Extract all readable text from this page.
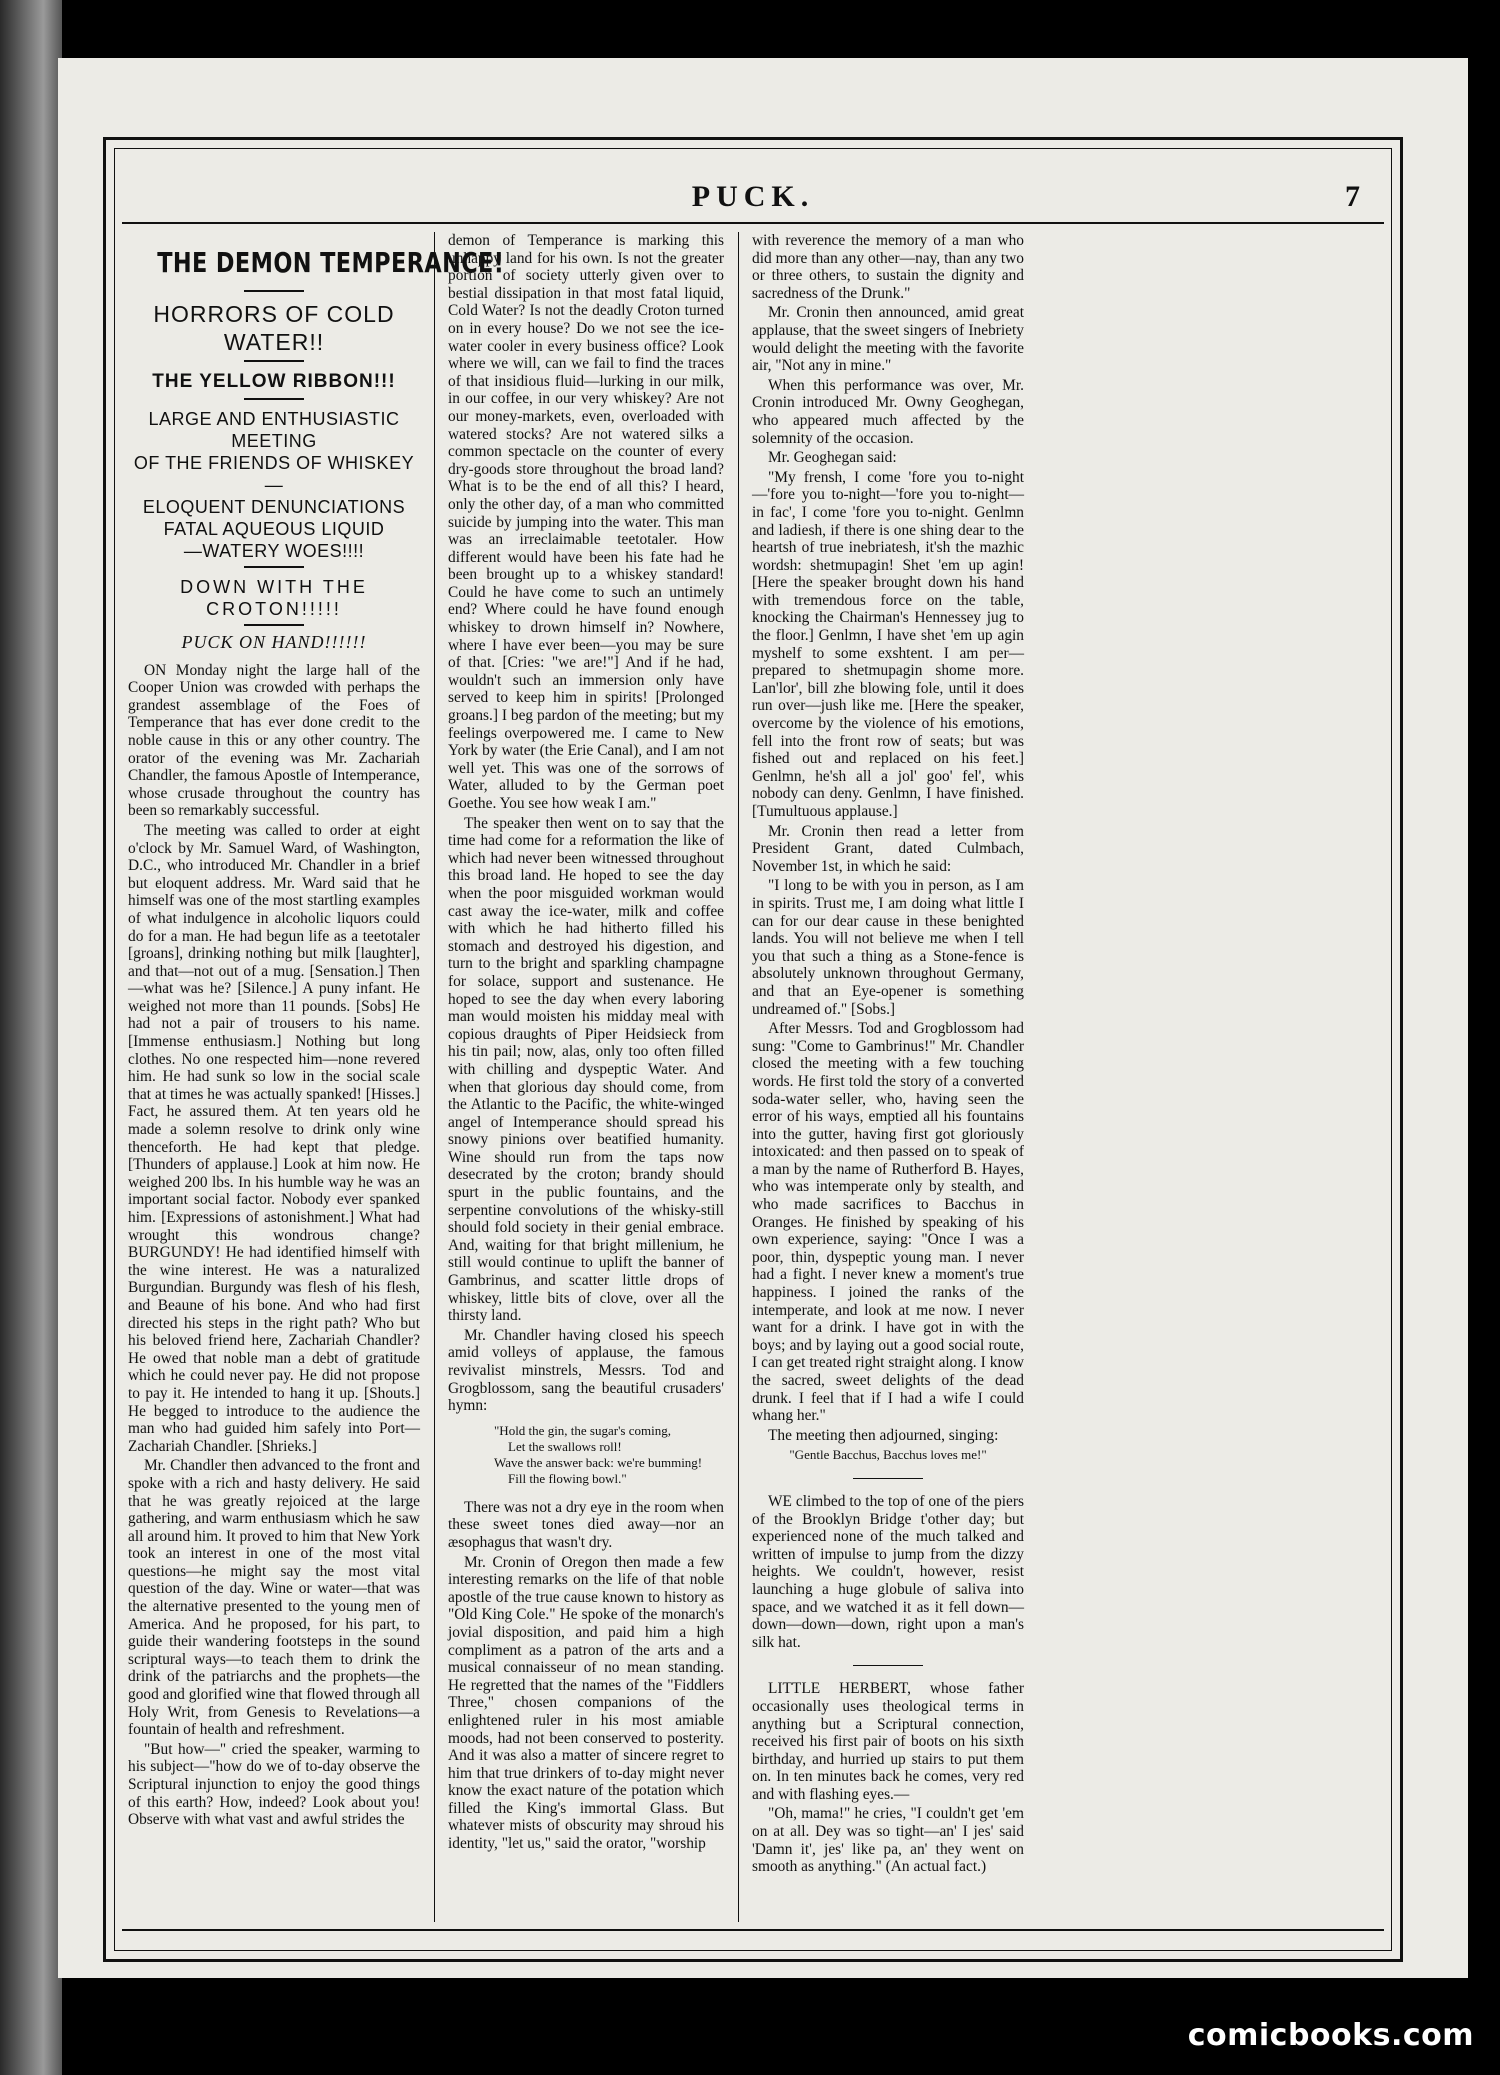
PUCK.	7
THE DEMON TEMPERANCE!
HORRORS OF COLD WATER!!
THE YELLOW RIBBON!!!
LARGE AND ENTHUSIASTIC MEETING
OF THE FRIENDS OF WHISKEY—
ELOQUENT DENUNCIATIONS
FATAL AQUEOUS LIQUID
—WATERY WOES!!!!
DOWN WITH THE CROTON!!!!!
PUCK ON HAND!!!!!!

ON Monday night the large hall of the Cooper Union was crowded with perhaps the grandest assemblage of the Foes of Temperance that has ever done credit to the noble cause in this or any other country. The orator of the evening was Mr. Zachariah Chandler, the famous Apostle of Intemperance, whose crusade throughout the country has been so remarkably successful.

The meeting was called to order at eight o'clock by Mr. Samuel Ward, of Washington, D.C., who introduced Mr. Chandler in a brief but eloquent address. Mr. Ward said that he himself was one of the most startling examples of what indulgence in alcoholic liquors could do for a man. He had begun life as a teetotaler [groans], drinking nothing but milk [laughter], and that—not out of a mug. [Sensation.] Then—what was he? [Silence.] A puny infant. He weighed not more than 11 pounds. [Sobs] He had not a pair of trousers to his name. [Immense enthusiasm.] Nothing but long clothes. No one respected him—none revered him. He had sunk so low in the social scale that at times he was actually spanked! [Hisses.] Fact, he assured them. At ten years old he made a solemn resolve to drink only wine thenceforth. He had kept that pledge. [Thunders of applause.] Look at him now. He weighed 200 lbs. In his humble way he was an important social factor. Nobody ever spanked him. [Expressions of astonishment.] What had wrought this wondrous change? BURGUNDY! He had identified himself with the wine interest. He was a naturalized Burgundian. Burgundy was flesh of his flesh, and Beaune of his bone. And who had first directed his steps in the right path? Who but his beloved friend here, Zachariah Chandler? He owed that noble man a debt of gratitude which he could never pay. He did not propose to pay it. He intended to hang it up. [Shouts.] He begged to introduce to the audience the man who had guided him safely into Port—Zachariah Chandler. [Shrieks.]

Mr. Chandler then advanced to the front and spoke with a rich and hasty delivery. He said that he was greatly rejoiced at the large gathering, and warm enthusiasm which he saw all around him. It proved to him that New York took an interest in one of the most vital questions—he might say the most vital question of the day. Wine or water—that was the alternative presented to the young men of America. And he proposed, for his part, to guide their wandering footsteps in the sound scriptural ways—to teach them to drink the drink of the patriarchs and the prophets—the good and glorified wine that flowed through all Holy Writ, from Genesis to Revelations—a fountain of health and refreshment.

"But how—" cried the speaker, warming to his subject—"how do we of to-day observe the Scriptural injunction to enjoy the good things of this earth? How, indeed? Look about you! Observe with what vast and awful strides the

demon of Temperance is marking this unhappy land for his own. Is not the greater portion of society utterly given over to bestial dissipation in that most fatal liquid, Cold Water? Is not the deadly Croton turned on in every house? Do we not see the ice-water cooler in every business office? Look where we will, can we fail to find the traces of that insidious fluid—lurking in our milk, in our coffee, in our very whiskey? Are not our money-markets, even, overloaded with watered stocks? Are not watered silks a common spectacle on the counter of every dry-goods store throughout the broad land? What is to be the end of all this? I heard, only the other day, of a man who committed suicide by jumping into the water. This man was an irreclaimable teetotaler. How different would have been his fate had he been brought up to a whiskey standard! Could he have come to such an untimely end? Where could he have found enough whiskey to drown himself in? Nowhere, where I have ever been—you may be sure of that. [Cries: "we are!"] And if he had, wouldn't such an immersion only have served to keep him in spirits! [Prolonged groans.] I beg pardon of the meeting; but my feelings overpowered me. I came to New York by water (the Erie Canal), and I am not well yet. This was one of the sorrows of Water, alluded to by the German poet Goethe. You see how weak I am."

The speaker then went on to say that the time had come for a reformation the like of which had never been witnessed throughout this broad land. He hoped to see the day when the poor misguided workman would cast away the ice-water, milk and coffee with which he had hitherto filled his stomach and destroyed his digestion, and turn to the bright and sparkling champagne for solace, support and sustenance. He hoped to see the day when every laboring man would moisten his midday meal with copious draughts of Piper Heidsieck from his tin pail; now, alas, only too often filled with chilling and dyspeptic Water. And when that glorious day should come, from the Atlantic to the Pacific, the white-winged angel of Intemperance should spread his snowy pinions over beatified humanity. Wine should run from the taps now desecrated by the croton; brandy should spurt in the public fountains, and the serpentine convolutions of the whisky-still should fold society in their genial embrace. And, waiting for that bright millenium, he still would continue to uplift the banner of Gambrinus, and scatter little drops of whiskey, little bits of clove, over all the thirsty land.

Mr. Chandler having closed his speech amid volleys of applause, the famous revivalist minstrels, Messrs. Tod and Grogblossom, sang the beautiful crusaders' hymn:

"Hold the gin, the sugar's coming,
Let the swallows roll!
Wave the answer back: we're bumming!
Fill the flowing bowl."

There was not a dry eye in the room when these sweet tones died away—nor an æsophagus that wasn't dry.

Mr. Cronin of Oregon then made a few interesting remarks on the life of that noble apostle of the true cause known to history as "Old King Cole." He spoke of the monarch's jovial disposition, and paid him a high compliment as a patron of the arts and a musical connaisseur of no mean standing. He regretted that the names of the "Fiddlers Three," chosen companions of the enlightened ruler in his most amiable moods, had not been conserved to posterity. And it was also a matter of sincere regret to him that true drinkers of to-day might never know the exact nature of the potation which filled the King's immortal Glass. But whatever mists of obscurity may shroud his identity, "let us," said the orator, "worship

with reverence the memory of a man who did more than any other—nay, than any two or three others, to sustain the dignity and sacredness of the Drunk."

Mr. Cronin then announced, amid great applause, that the sweet singers of Inebriety would delight the meeting with the favorite air, "Not any in mine."

When this performance was over, Mr. Cronin introduced Mr. Owny Geoghegan, who appeared much affected by the solemnity of the occasion.

Mr. Geoghegan said:

"My frensh, I come 'fore you to-night—'fore you to-night—'fore you to-night—in fac', I come 'fore you to-night. Genlmn and ladiesh, if there is one shing dear to the heartsh of true inebriatesh, it'sh the mazhic wordsh: shetmupagin! Shet 'em up agin! [Here the speaker brought down his hand with tremendous force on the table, knocking the Chairman's Hennessey jug to the floor.] Genlmn, I have shet 'em up agin myshelf to some exshtent. I am per—prepared to shetmupagin shome more. Lan'lor', bill zhe blowing fole, until it does run over—jush like me. [Here the speaker, overcome by the violence of his emotions, fell into the front row of seats; but was fished out and replaced on his feet.] Genlmn, he'sh all a jol' goo' fel', whis nobody can deny. Genlmn, I have finished. [Tumultuous applause.]

Mr. Cronin then read a letter from President Grant, dated Culmbach, November 1st, in which he said:

"I long to be with you in person, as I am in spirits. Trust me, I am doing what little I can for our dear cause in these benighted lands. You will not believe me when I tell you that such a thing as a Stone-fence is absolutely unknown throughout Germany, and that an Eye-opener is something undreamed of." [Sobs.]

After Messrs. Tod and Grogblossom had sung: "Come to Gambrinus!" Mr. Chandler closed the meeting with a few touching words. He first told the story of a converted soda-water seller, who, having seen the error of his ways, emptied all his fountains into the gutter, having first got gloriously intoxicated: and then passed on to speak of a man by the name of Rutherford B. Hayes, who was intemperate only by stealth, and who made sacrifices to Bacchus in Oranges. He finished by speaking of his own experience, saying: "Once I was a poor, thin, dyspeptic young man. I never had a fight. I never knew a moment's true happiness. I joined the ranks of the intemperate, and look at me now. I never want for a drink. I have got in with the boys; and by laying out a good social route, I can get treated right straight along. I know the sacred, sweet delights of the dead drunk. I feel that if I had a wife I could whang her."

The meeting then adjourned, singing:

"Gentle Bacchus, Bacchus loves me!"

WE climbed to the top of one of the piers of the Brooklyn Bridge t'other day; but experienced none of the much talked and written of impulse to jump from the dizzy heights. We couldn't, however, resist launching a huge globule of saliva into space, and we watched it as it fell down—down—down—down, right upon a man's silk hat.

LITTLE HERBERT, whose father occasionally uses theological terms in anything but a Scriptural connection, received his first pair of boots on his sixth birthday, and hurried up stairs to put them on. In ten minutes back he comes, very red and with flashing eyes.—

"Oh, mama!" he cries, "I couldn't get 'em on at all. Dey was so tight—an' I jes' said 'Damn it', jes' like pa, an' they went on smooth as anything." (An actual fact.)

comicbooks.com
